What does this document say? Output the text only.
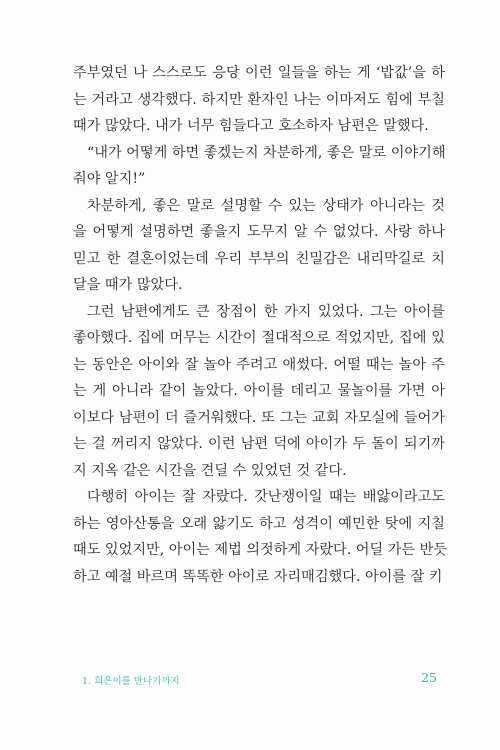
주부였던 나 스스로도 응당 이런 일들을 하는 게 ‘밥값’을 하
는 거라고 생각했다. 하지만 환자인 나는 이마저도 힘에 부칠
때가 많았다. 내가 너무 힘들다고 호소하자 남편은 말했다.
“내가 어떻게 하면 좋겠는지 차분하게, 좋은 말로 이야기해
줘야 알지!”
차분하게, 좋은 말로 설명할 수 있는 상태가 아니라는 것
을 어떻게 설명하면 좋을지 도무지 알 수 없었다. 사랑 하나
믿고 한 결혼이었는데 우리 부부의 친밀감은 내리막길로 치
달을 때가 많았다.
그런 남편에게도 큰 장점이 한 가지 있었다. 그는 아이를
좋아했다. 집에 머무는 시간이 절대적으로 적었지만, 집에 있
는 동안은 아이와 잘 놀아 주려고 애썼다. 어떨 때는 놀아 주
는 게 아니라 같이 놀았다. 아이를 데리고 물놀이를 가면 아
이보다 남편이 더 즐거워했다. 또 그는 교회 자모실에 들어가
는 걸 꺼리지 않았다. 이런 남편 덕에 아이가 두 돌이 되기까
지 지옥 같은 시간을 견딜 수 있었던 것 같다.
다행히 아이는 잘 자랐다. 갓난쟁이일 때는 배앓이라고도
하는 영아산통을 오래 앓기도 하고 성격이 예민한 탓에 지칠
때도 있었지만, 아이는 제법 의젓하게 자랐다. 어딜 가든 반듯
하고 예절 바르며 똑똑한 아이로 자리매김했다. 아이를 잘 키
1. 희은이를 만나기까지	25
